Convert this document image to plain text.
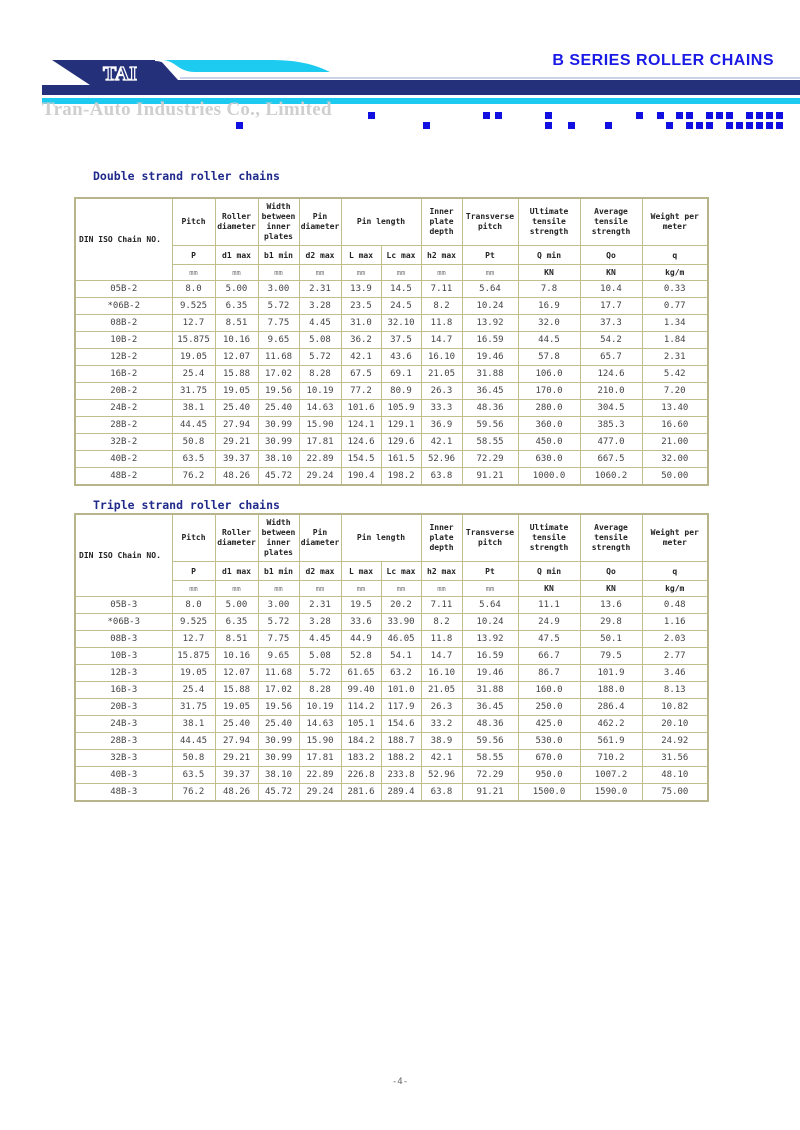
TAI
B SERIES ROLLER CHAINS
Tran-Auto Industries Co., Limited
Double strand roller chains
DIN ISO Chain NO.	Pitch	Roller diameter	Width between inner plates	Pin diameter	Pin length		Inner plate depth	Transverse pitch	Ultimate tensile strength	Average tensile strength	Weight per meter
	P	d1 max	b1 min	d2 max	L max	Lc max	h2 max	Pt	Q min	Qo	q
	mm	mm	mm	mm	mm	mm	mm	mm	KN	KN	kg/m
05B-2	8.0	5.00	3.00	2.31	13.9	14.5	7.11	5.64	7.8	10.4	0.33
*06B-2	9.525	6.35	5.72	3.28	23.5	24.5	8.2	10.24	16.9	17.7	0.77
08B-2	12.7	8.51	7.75	4.45	31.0	32.10	11.8	13.92	32.0	37.3	1.34
10B-2	15.875	10.16	9.65	5.08	36.2	37.5	14.7	16.59	44.5	54.2	1.84
12B-2	19.05	12.07	11.68	5.72	42.1	43.6	16.10	19.46	57.8	65.7	2.31
16B-2	25.4	15.88	17.02	8.28	67.5	69.1	21.05	31.88	106.0	124.6	5.42
20B-2	31.75	19.05	19.56	10.19	77.2	80.9	26.3	36.45	170.0	210.0	7.20
24B-2	38.1	25.40	25.40	14.63	101.6	105.9	33.3	48.36	280.0	304.5	13.40
28B-2	44.45	27.94	30.99	15.90	124.1	129.1	36.9	59.56	360.0	385.3	16.60
32B-2	50.8	29.21	30.99	17.81	124.6	129.6	42.1	58.55	450.0	477.0	21.00
40B-2	63.5	39.37	38.10	22.89	154.5	161.5	52.96	72.29	630.0	667.5	32.00
48B-2	76.2	48.26	45.72	29.24	190.4	198.2	63.8	91.21	1000.0	1060.2	50.00
Triple strand roller chains
DIN ISO Chain NO.	Pitch	Roller diameter	Width between inner plates	Pin diameter	Pin length		Inner plate depth	Transverse pitch	Ultimate tensile strength	Average tensile strength	Weight per meter
	P	d1 max	b1 min	d2 max	L max	Lc max	h2 max	Pt	Q min	Qo	q
	mm	mm	mm	mm	mm	mm	mm	mm	KN	KN	kg/m
05B-3	8.0	5.00	3.00	2.31	19.5	20.2	7.11	5.64	11.1	13.6	0.48
*06B-3	9.525	6.35	5.72	3.28	33.6	33.90	8.2	10.24	24.9	29.8	1.16
08B-3	12.7	8.51	7.75	4.45	44.9	46.05	11.8	13.92	47.5	50.1	2.03
10B-3	15.875	10.16	9.65	5.08	52.8	54.1	14.7	16.59	66.7	79.5	2.77
12B-3	19.05	12.07	11.68	5.72	61.65	63.2	16.10	19.46	86.7	101.9	3.46
16B-3	25.4	15.88	17.02	8.28	99.40	101.0	21.05	31.88	160.0	188.0	8.13
20B-3	31.75	19.05	19.56	10.19	114.2	117.9	26.3	36.45	250.0	286.4	10.82
24B-3	38.1	25.40	25.40	14.63	105.1	154.6	33.2	48.36	425.0	462.2	20.10
28B-3	44.45	27.94	30.99	15.90	184.2	188.7	38.9	59.56	530.0	561.9	24.92
32B-3	50.8	29.21	30.99	17.81	183.2	188.2	42.1	58.55	670.0	710.2	31.56
40B-3	63.5	39.37	38.10	22.89	226.8	233.8	52.96	72.29	950.0	1007.2	48.10
48B-3	76.2	48.26	45.72	29.24	281.6	289.4	63.8	91.21	1500.0	1590.0	75.00
-4-
